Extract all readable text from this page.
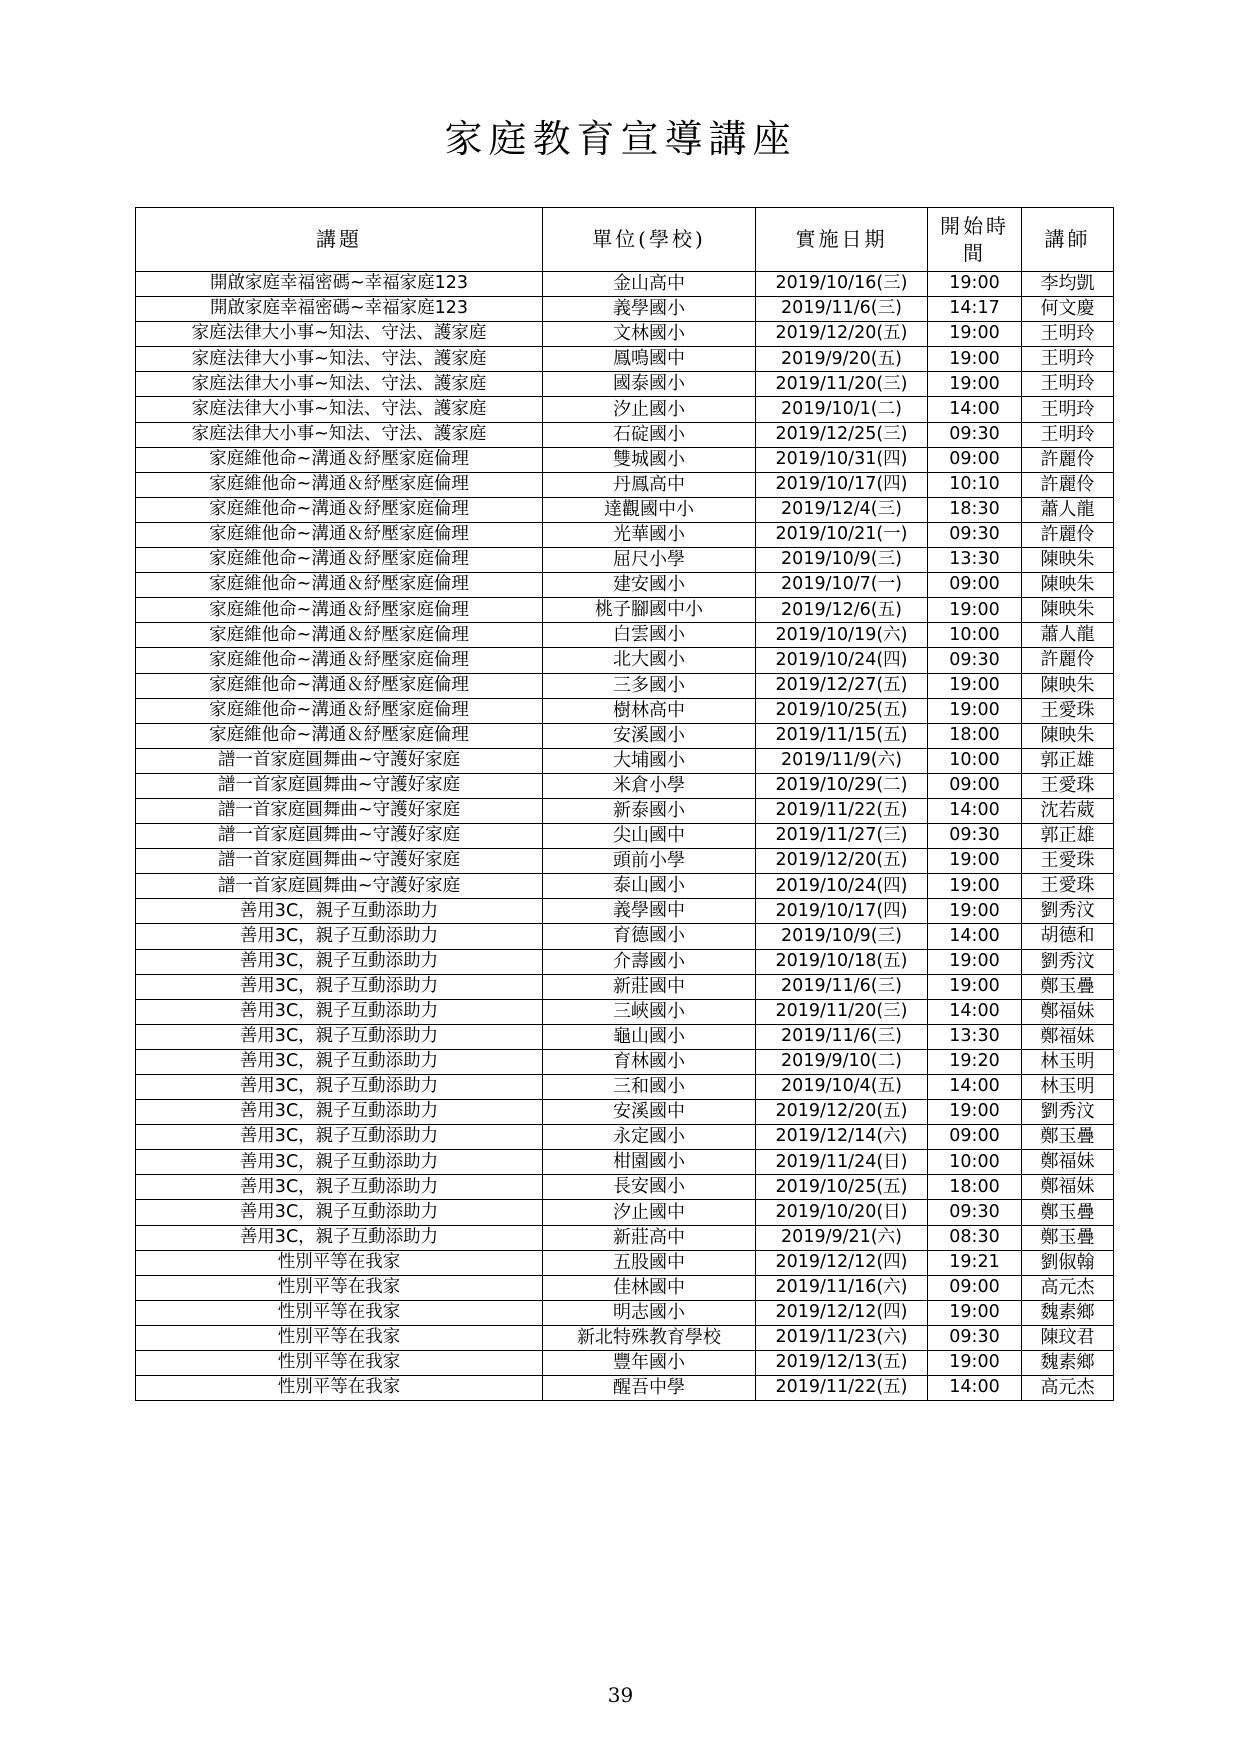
家庭教育宣導講座
講題	單位(學校)	實施日期	開始時間	講師
開啟家庭幸福密碼~幸福家庭123	金山高中	2019/10/16(三)	19:00	李均凱
開啟家庭幸福密碼~幸福家庭123	義學國小	2019/11/6(三)	14:17	何文慶
家庭法律大小事~知法、守法、護家庭	文林國小	2019/12/20(五)	19:00	王明玲
家庭法律大小事~知法、守法、護家庭	鳳鳴國中	2019/9/20(五)	19:00	王明玲
家庭法律大小事~知法、守法、護家庭	國泰國小	2019/11/20(三)	19:00	王明玲
家庭法律大小事~知法、守法、護家庭	汐止國小	2019/10/1(二)	14:00	王明玲
家庭法律大小事~知法、守法、護家庭	石碇國小	2019/12/25(三)	09:30	王明玲
家庭維他命~溝通＆紓壓家庭倫理	雙城國小	2019/10/31(四)	09:00	許麗伶
家庭維他命~溝通＆紓壓家庭倫理	丹鳳高中	2019/10/17(四)	10:10	許麗伶
家庭維他命~溝通＆紓壓家庭倫理	達觀國中小	2019/12/4(三)	18:30	蕭人龍
家庭維他命~溝通＆紓壓家庭倫理	光華國小	2019/10/21(一)	09:30	許麗伶
家庭維他命~溝通＆紓壓家庭倫理	屈尺小學	2019/10/9(三)	13:30	陳映朱
家庭維他命~溝通＆紓壓家庭倫理	建安國小	2019/10/7(一)	09:00	陳映朱
家庭維他命~溝通＆紓壓家庭倫理	桃子腳國中小	2019/12/6(五)	19:00	陳映朱
家庭維他命~溝通＆紓壓家庭倫理	白雲國小	2019/10/19(六)	10:00	蕭人龍
家庭維他命~溝通＆紓壓家庭倫理	北大國小	2019/10/24(四)	09:30	許麗伶
家庭維他命~溝通＆紓壓家庭倫理	三多國小	2019/12/27(五)	19:00	陳映朱
家庭維他命~溝通＆紓壓家庭倫理	樹林高中	2019/10/25(五)	19:00	王愛珠
家庭維他命~溝通＆紓壓家庭倫理	安溪國小	2019/11/15(五)	18:00	陳映朱
譜一首家庭圓舞曲~守護好家庭	大埔國小	2019/11/9(六)	10:00	郭正雄
譜一首家庭圓舞曲~守護好家庭	米倉小學	2019/10/29(二)	09:00	王愛珠
譜一首家庭圓舞曲~守護好家庭	新泰國小	2019/11/22(五)	14:00	沈若葳
譜一首家庭圓舞曲~守護好家庭	尖山國中	2019/11/27(三)	09:30	郭正雄
譜一首家庭圓舞曲~守護好家庭	頭前小學	2019/12/20(五)	19:00	王愛珠
譜一首家庭圓舞曲~守護好家庭	泰山國小	2019/10/24(四)	19:00	王愛珠
善用3C，親子互動添助力	義學國中	2019/10/17(四)	19:00	劉秀汶
善用3C，親子互動添助力	育德國小	2019/10/9(三)	14:00	胡德和
善用3C，親子互動添助力	介壽國小	2019/10/18(五)	19:00	劉秀汶
善用3C，親子互動添助力	新莊國中	2019/11/6(三)	19:00	鄭玉疊
善用3C，親子互動添助力	三峽國小	2019/11/20(三)	14:00	鄭福妹
善用3C，親子互動添助力	龜山國小	2019/11/6(三)	13:30	鄭福妹
善用3C，親子互動添助力	育林國小	2019/9/10(二)	19:20	林玉明
善用3C，親子互動添助力	三和國小	2019/10/4(五)	14:00	林玉明
善用3C，親子互動添助力	安溪國中	2019/12/20(五)	19:00	劉秀汶
善用3C，親子互動添助力	永定國小	2019/12/14(六)	09:00	鄭玉疊
善用3C，親子互動添助力	柑園國小	2019/11/24(日)	10:00	鄭福妹
善用3C，親子互動添助力	長安國小	2019/10/25(五)	18:00	鄭福妹
善用3C，親子互動添助力	汐止國中	2019/10/20(日)	09:30	鄭玉疊
善用3C，親子互動添助力	新莊高中	2019/9/21(六)	08:30	鄭玉疊
性別平等在我家	五股國中	2019/12/12(四)	19:21	劉俶翰
性別平等在我家	佳林國中	2019/11/16(六)	09:00	高元杰
性別平等在我家	明志國小	2019/12/12(四)	19:00	魏素鄉
性別平等在我家	新北特殊教育學校	2019/11/23(六)	09:30	陳玟君
性別平等在我家	豐年國小	2019/12/13(五)	19:00	魏素鄉
性別平等在我家	醒吾中學	2019/11/22(五)	14:00	高元杰
39
